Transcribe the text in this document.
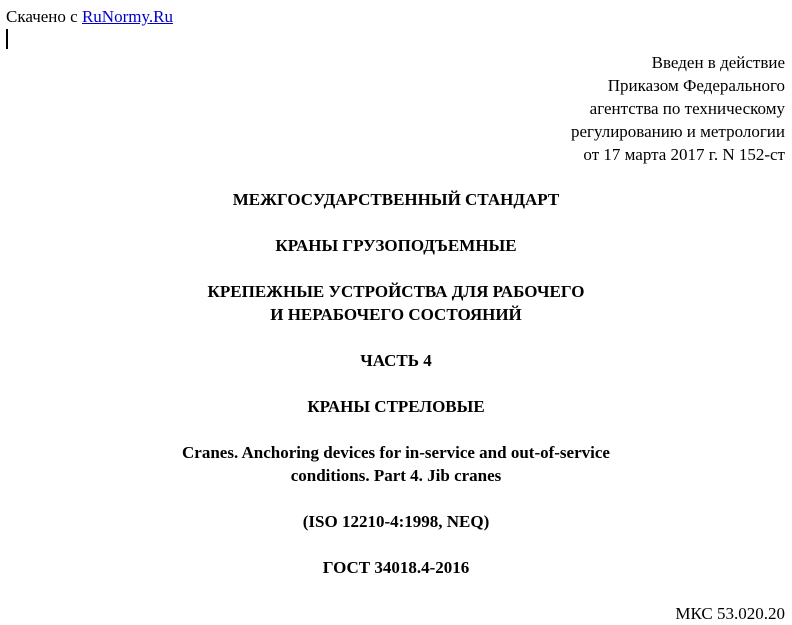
Скачено с RuNormy.Ru
Введен в действие
Приказом Федерального
агентства по техническому
регулированию и метрологии
от 17 марта 2017 г. N 152-ст
МЕЖГОСУДАРСТВЕННЫЙ СТАНДАРТ
КРАНЫ ГРУЗОПОДЪЕМНЫЕ
КРЕПЕЖНЫЕ УСТРОЙСТВА ДЛЯ РАБОЧЕГО
И НЕРАБОЧЕГО СОСТОЯНИЙ
ЧАСТЬ 4
КРАНЫ СТРЕЛОВЫЕ
Cranes. Anchoring devices for in-service and out-of-service
conditions. Part 4. Jib cranes
(ISO 12210-4:1998, NEQ)
ГОСТ 34018.4-2016
МКС 53.020.20
